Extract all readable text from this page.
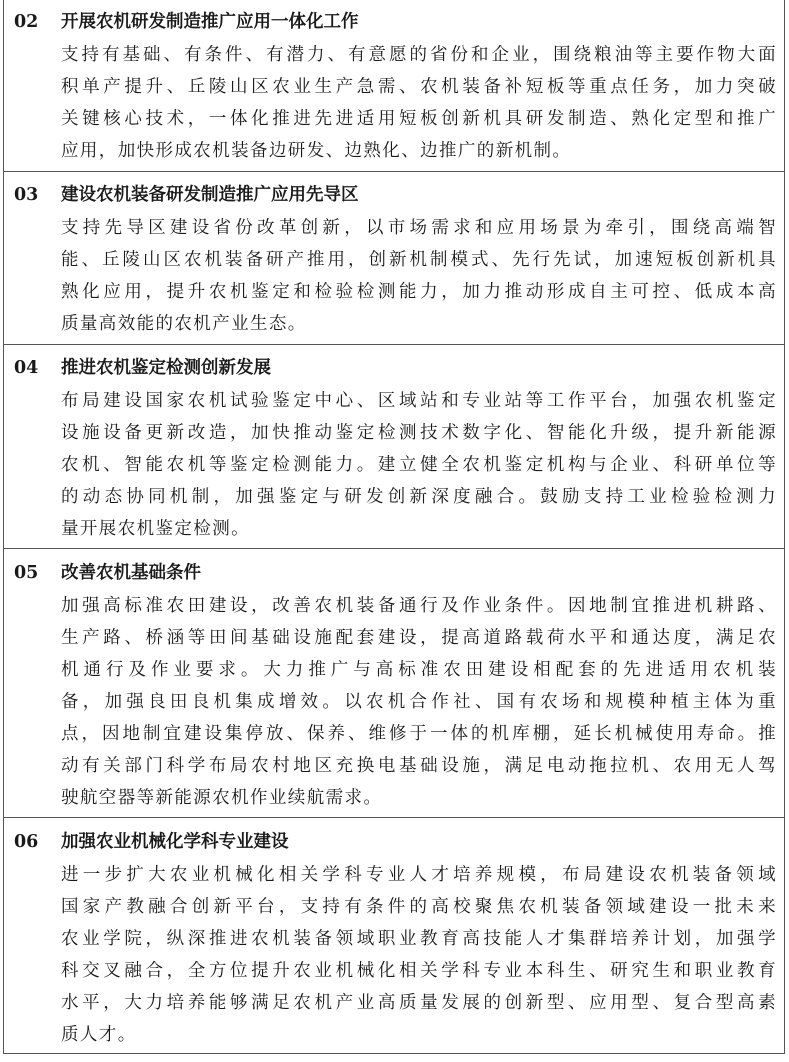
02 开展农机研发制造推广应用一体化工作
支持有基础、有条件、有潜力、有意愿的省份和企业，围绕粮油等主要作物大面
积单产提升、丘陵山区农业生产急需、农机装备补短板等重点任务，加力突破
关键核心技术，一体化推进先进适用短板创新机具研发制造、熟化定型和推广
应用，加快形成农机装备边研发、边熟化、边推广的新机制。
03 建设农机装备研发制造推广应用先导区
支持先导区建设省份改革创新，以市场需求和应用场景为牵引，围绕高端智
能、丘陵山区农机装备研产推用，创新机制模式、先行先试，加速短板创新机具
熟化应用，提升农机鉴定和检验检测能力，加力推动形成自主可控、低成本高
质量高效能的农机产业生态。
04 推进农机鉴定检测创新发展
布局建设国家农机试验鉴定中心、区域站和专业站等工作平台，加强农机鉴定
设施设备更新改造，加快推动鉴定检测技术数字化、智能化升级，提升新能源
农机、智能农机等鉴定检测能力。建立健全农机鉴定机构与企业、科研单位等
的动态协同机制，加强鉴定与研发创新深度融合。鼓励支持工业检验检测力
量开展农机鉴定检测。
05 改善农机基础条件
加强高标准农田建设，改善农机装备通行及作业条件。因地制宜推进机耕路、
生产路、桥涵等田间基础设施配套建设，提高道路载荷水平和通达度，满足农
机通行及作业要求。大力推广与高标准农田建设相配套的先进适用农机装
备，加强良田良机集成增效。以农机合作社、国有农场和规模种植主体为重
点，因地制宜建设集停放、保养、维修于一体的机库棚，延长机械使用寿命。推
动有关部门科学布局农村地区充换电基础设施，满足电动拖拉机、农用无人驾
驶航空器等新能源农机作业续航需求。
06 加强农业机械化学科专业建设
进一步扩大农业机械化相关学科专业人才培养规模，布局建设农机装备领域
国家产教融合创新平台，支持有条件的高校聚焦农机装备领域建设一批未来
农业学院，纵深推进农机装备领域职业教育高技能人才集群培养计划，加强学
科交叉融合，全方位提升农业机械化相关学科专业本科生、研究生和职业教育
水平，大力培养能够满足农机产业高质量发展的创新型、应用型、复合型高素
质人才。
